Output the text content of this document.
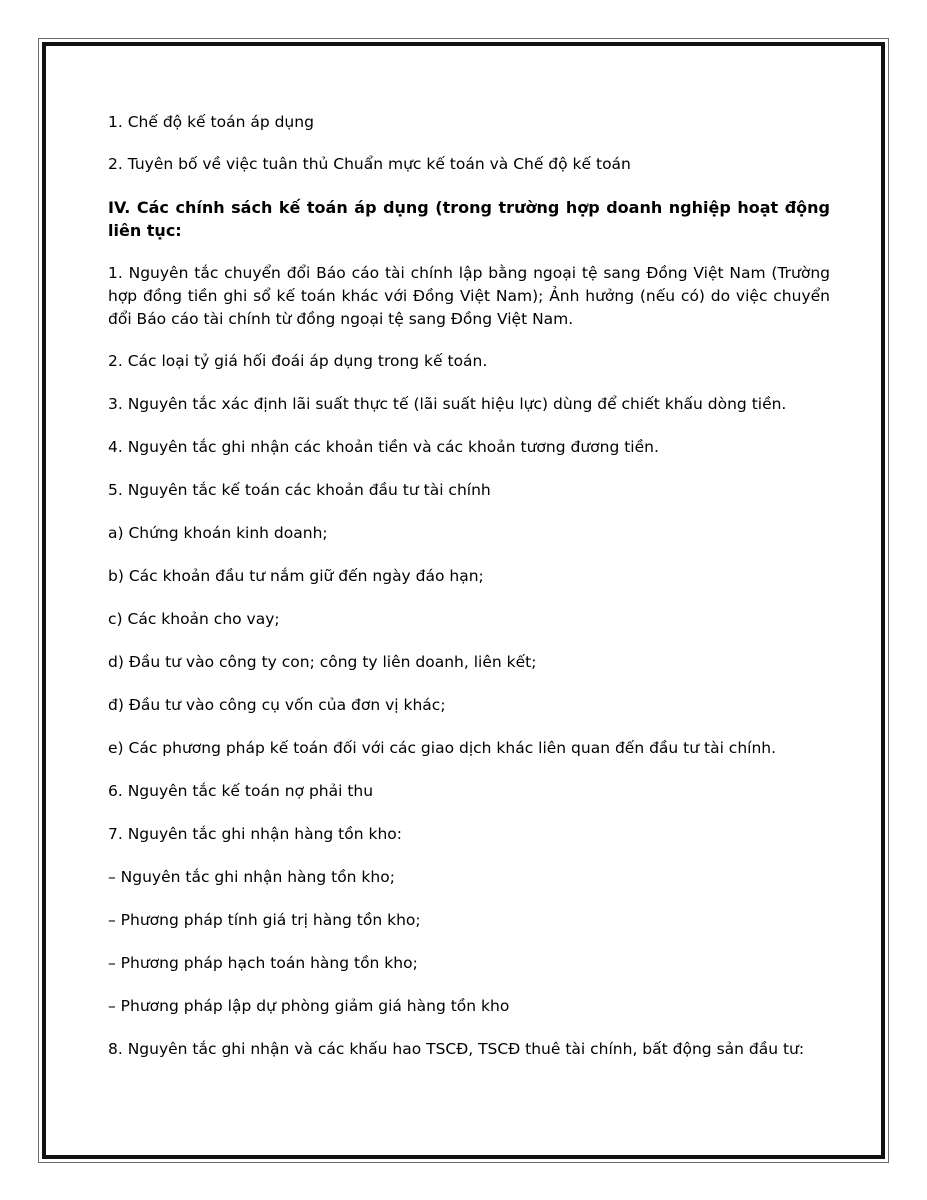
1. Chế độ kế toán áp dụng
2. Tuyên bố về việc tuân thủ Chuẩn mực kế toán và Chế độ kế toán
IV. Các chính sách kế toán áp dụng (trong trường hợp doanh nghiệp hoạt động liên tục:
1. Nguyên tắc chuyển đổi Báo cáo tài chính lập bằng ngoại tệ sang Đồng Việt Nam (Trường hợp đồng tiền ghi sổ kế toán khác với Đồng Việt Nam); Ảnh hưởng (nếu có) do việc chuyển đổi Báo cáo tài chính từ đồng ngoại tệ sang Đồng Việt Nam.
2. Các loại tỷ giá hối đoái áp dụng trong kế toán.
3. Nguyên tắc xác định lãi suất thực tế (lãi suất hiệu lực) dùng để chiết khấu dòng tiền.
4. Nguyên tắc ghi nhận các khoản tiền và các khoản tương đương tiền.
5. Nguyên tắc kế toán các khoản đầu tư tài chính
a) Chứng khoán kinh doanh;
b) Các khoản đầu tư nắm giữ đến ngày đáo hạn;
c) Các khoản cho vay;
d) Đầu tư vào công ty con; công ty liên doanh, liên kết;
đ) Đầu tư vào công cụ vốn của đơn vị khác;
e) Các phương pháp kế toán đối với các giao dịch khác liên quan đến đầu tư tài chính.
6. Nguyên tắc kế toán nợ phải thu
7. Nguyên tắc ghi nhận hàng tồn kho:
– Nguyên tắc ghi nhận hàng tồn kho;
– Phương pháp tính giá trị hàng tồn kho;
– Phương pháp hạch toán hàng tồn kho;
– Phương pháp lập dự phòng giảm giá hàng tồn kho
8. Nguyên tắc ghi nhận và các khấu hao TSCĐ, TSCĐ thuê tài chính, bất động sản đầu tư:
